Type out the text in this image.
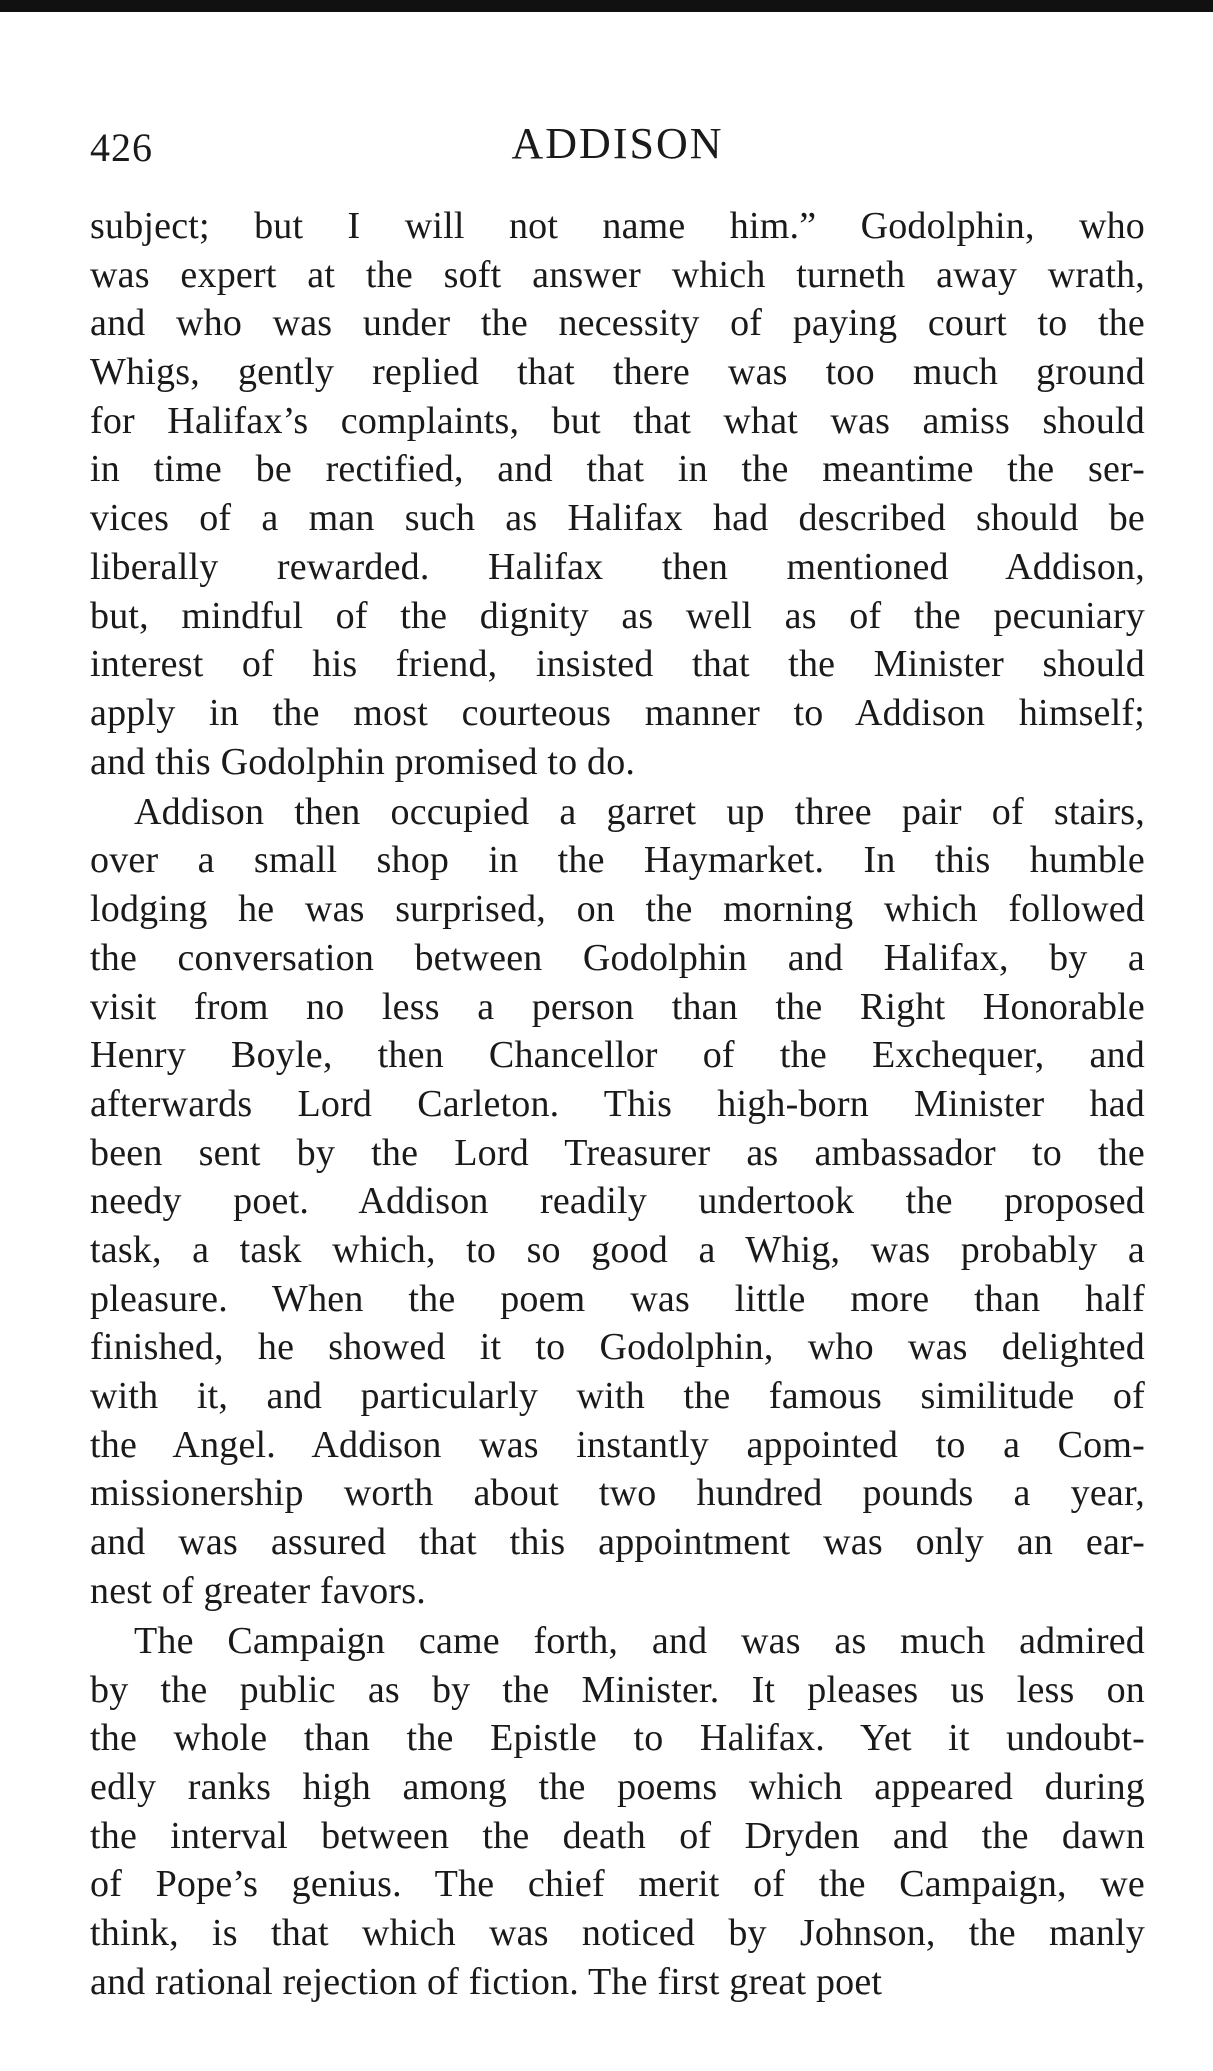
426	ADDISON
subject; but I will not name him.” Godolphin, who
was expert at the soft answer which turneth away wrath,
and who was under the necessity of paying court to the
Whigs, gently replied that there was too much ground
for Halifax’s complaints, but that what was amiss should
in time be rectified, and that in the meantime the ser-
vices of a man such as Halifax had described should be
liberally rewarded. Halifax then mentioned Addison,
but, mindful of the dignity as well as of the pecuniary
interest of his friend, insisted that the Minister should
apply in the most courteous manner to Addison himself;
and this Godolphin promised to do.
Addison then occupied a garret up three pair of stairs,
over a small shop in the Haymarket. In this humble
lodging he was surprised, on the morning which followed
the conversation between Godolphin and Halifax, by a
visit from no less a person than the Right Honorable
Henry Boyle, then Chancellor of the Exchequer, and
afterwards Lord Carleton. This high-born Minister had
been sent by the Lord Treasurer as ambassador to the
needy poet. Addison readily undertook the proposed
task, a task which, to so good a Whig, was probably a
pleasure. When the poem was little more than half
finished, he showed it to Godolphin, who was delighted
with it, and particularly with the famous similitude of
the Angel. Addison was instantly appointed to a Com-
missionership worth about two hundred pounds a year,
and was assured that this appointment was only an ear-
nest of greater favors.
The Campaign came forth, and was as much admired
by the public as by the Minister. It pleases us less on
the whole than the Epistle to Halifax. Yet it undoubt-
edly ranks high among the poems which appeared during
the interval between the death of Dryden and the dawn
of Pope’s genius. The chief merit of the Campaign, we
think, is that which was noticed by Johnson, the manly
and rational rejection of fiction. The first great poet
